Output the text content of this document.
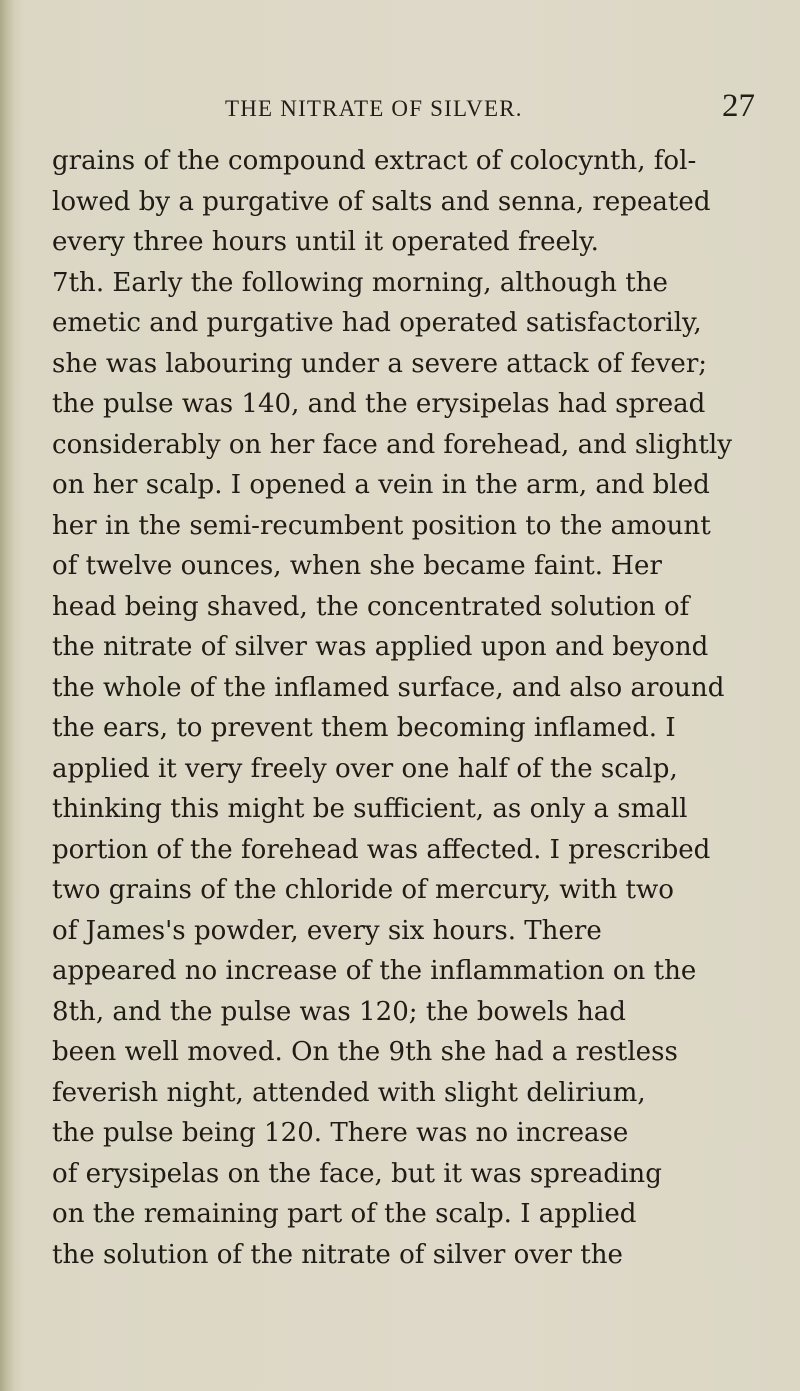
THE NITRATE OF SILVER.	27
grains of the compound extract of colocynth, fol-
lowed by a purgative of salts and senna, repeated
every three hours until it operated freely.
7th. Early the following morning, although the
emetic and purgative had operated satisfactorily,
she was labouring under a severe attack of fever;
the pulse was 140, and the erysipelas had spread
considerably on her face and forehead, and slightly
on her scalp. I opened a vein in the arm, and bled
her in the semi-recumbent position to the amount
of twelve ounces, when she became faint. Her
head being shaved, the concentrated solution of
the nitrate of silver was applied upon and beyond
the whole of the inflamed surface, and also around
the ears, to prevent them becoming inflamed. I
applied it very freely over one half of the scalp,
thinking this might be sufficient, as only a small
portion of the forehead was affected. I prescribed
two grains of the chloride of mercury, with two
of James's powder, every six hours. There
appeared no increase of the inflammation on the
8th, and the pulse was 120; the bowels had
been well moved. On the 9th she had a restless
feverish night, attended with slight delirium,
the pulse being 120. There was no increase
of erysipelas on the face, but it was spreading
on the remaining part of the scalp. I applied
the solution of the nitrate of silver over the
